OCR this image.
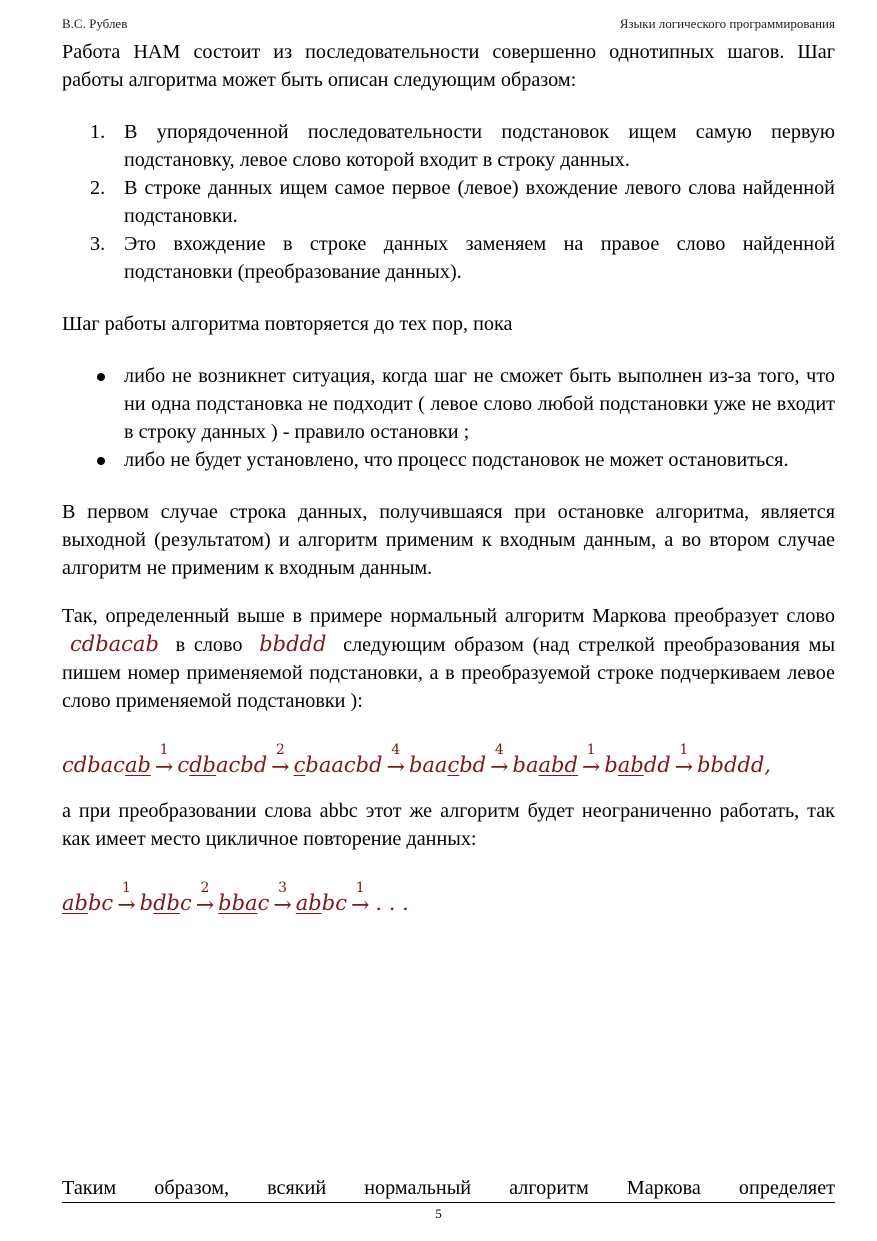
В.С. Рублев	Языки логического программирования

Работа НАМ состоит из последовательности совершенно однотипных шагов. Шаг работы алгоритма может быть описан следующим образом:

1. В упорядоченной последовательности подстановок ищем самую первую подстановку, левое слово которой входит в строку данных.
2. В строке данных ищем самое первое (левое) вхождение левого слова найденной подстановки.
3. Это вхождение в строке данных заменяем на правое слово найденной подстановки (преобразование данных).

Шаг работы алгоритма повторяется до тех пор, пока

либо не возникнет ситуация, когда шаг не сможет быть выполнен из-за того, что ни одна подстановка не подходит ( левое слово любой подстановки уже не входит в строку данных ) - правило остановки ;
либо не будет установлено, что процесс подстановок не может остановиться.

В первом случае строка данных, получившаяся при остановке алгоритма, является выходной (результатом) и алгоритм применим к входным данным, а во втором случае алгоритм не применим к входным данным.

Так, определенный выше в примере нормальный алгоритм Маркова преобразует слово cdbacab в слово bbddd следующим образом (над стрелкой преобразования мы пишем номер применяемой подстановки, а в преобразуемой строке подчеркиваем левое слово применяемой подстановки ):

cdbacab
1
→ cdbacbd
2
→ cbaacbd
4
→ baacbd
4
→ baabd
1
→ babdd
1
→ bbddd,

а при преобразовании слова abbc этот же алгоритм будет неограниченно работать, так как имеет место цикличное повторение данных:

abbc
1
→ bdbc
2
→ bbac
3
→ abbc
1
→ . . .
Таким образом, всякий нормальный алгоритм Маркова определяет
5
